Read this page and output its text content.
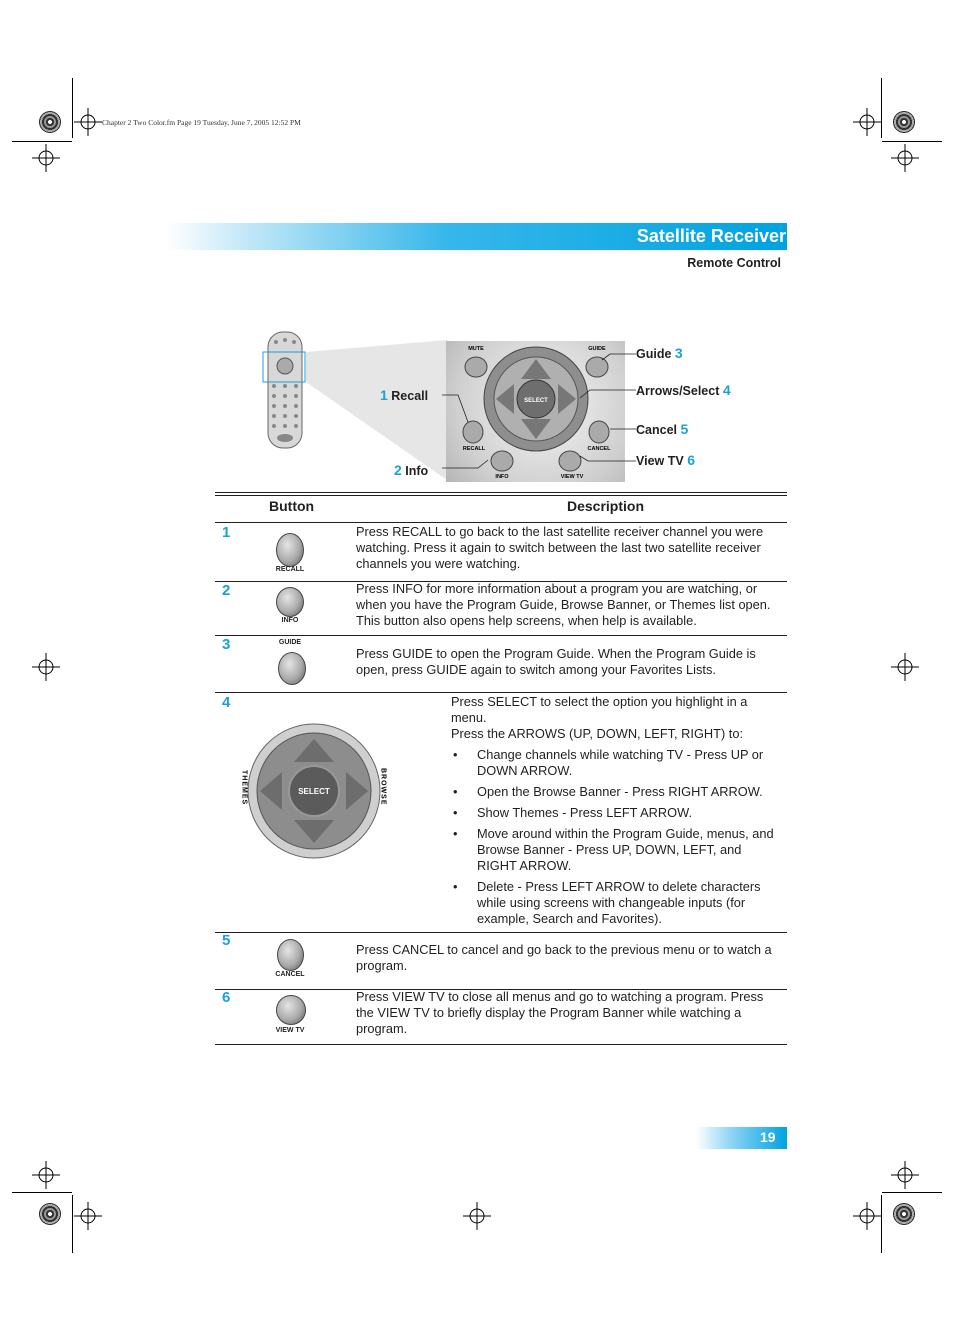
Chapter 2 Two Color.fm Page 19 Tuesday, June 7, 2005 12:52 PM
Satellite Receiver
Remote Control
MUTE	GUIDE
RECALL	CANCEL
INFO	VIEW TV
SELECT
1 Recall
2 Info
Guide 3
Arrows/Select 4
Cancel 5
View TV 6
Button	Description
1
RECALL
Press RECALL to go back to the last satellite receiver channel you were watching. Press it again to switch between the last two satellite receiver channels you were watching.
2
INFO
Press INFO for more information about a program you are watching, or when you have the Program Guide, Browse Banner, or Themes list open. This button also opens help screens, when help is available.
3	GUIDE
Press GUIDE to open the Program Guide. When the Program Guide is open, press GUIDE again to switch among your Favorites Lists.
4
SELECT
THEMES	BROWSE
Press SELECT to select the option you highlight in a menu.
Press the ARROWS (UP, DOWN, LEFT, RIGHT) to:
• Change channels while watching TV - Press UP or DOWN ARROW.
• Open the Browse Banner - Press RIGHT ARROW.
• Show Themes - Press LEFT ARROW.
• Move around within the Program Guide, menus, and Browse Banner - Press UP, DOWN, LEFT, and RIGHT ARROW.
• Delete - Press LEFT ARROW to delete characters while using screens with changeable inputs (for example, Search and Favorites).
5
CANCEL
Press CANCEL to cancel and go back to the previous menu or to watch a program.
6
VIEW TV
Press VIEW TV to close all menus and go to watching a program. Press the VIEW TV to briefly display the Program Banner while watching a program.
19
